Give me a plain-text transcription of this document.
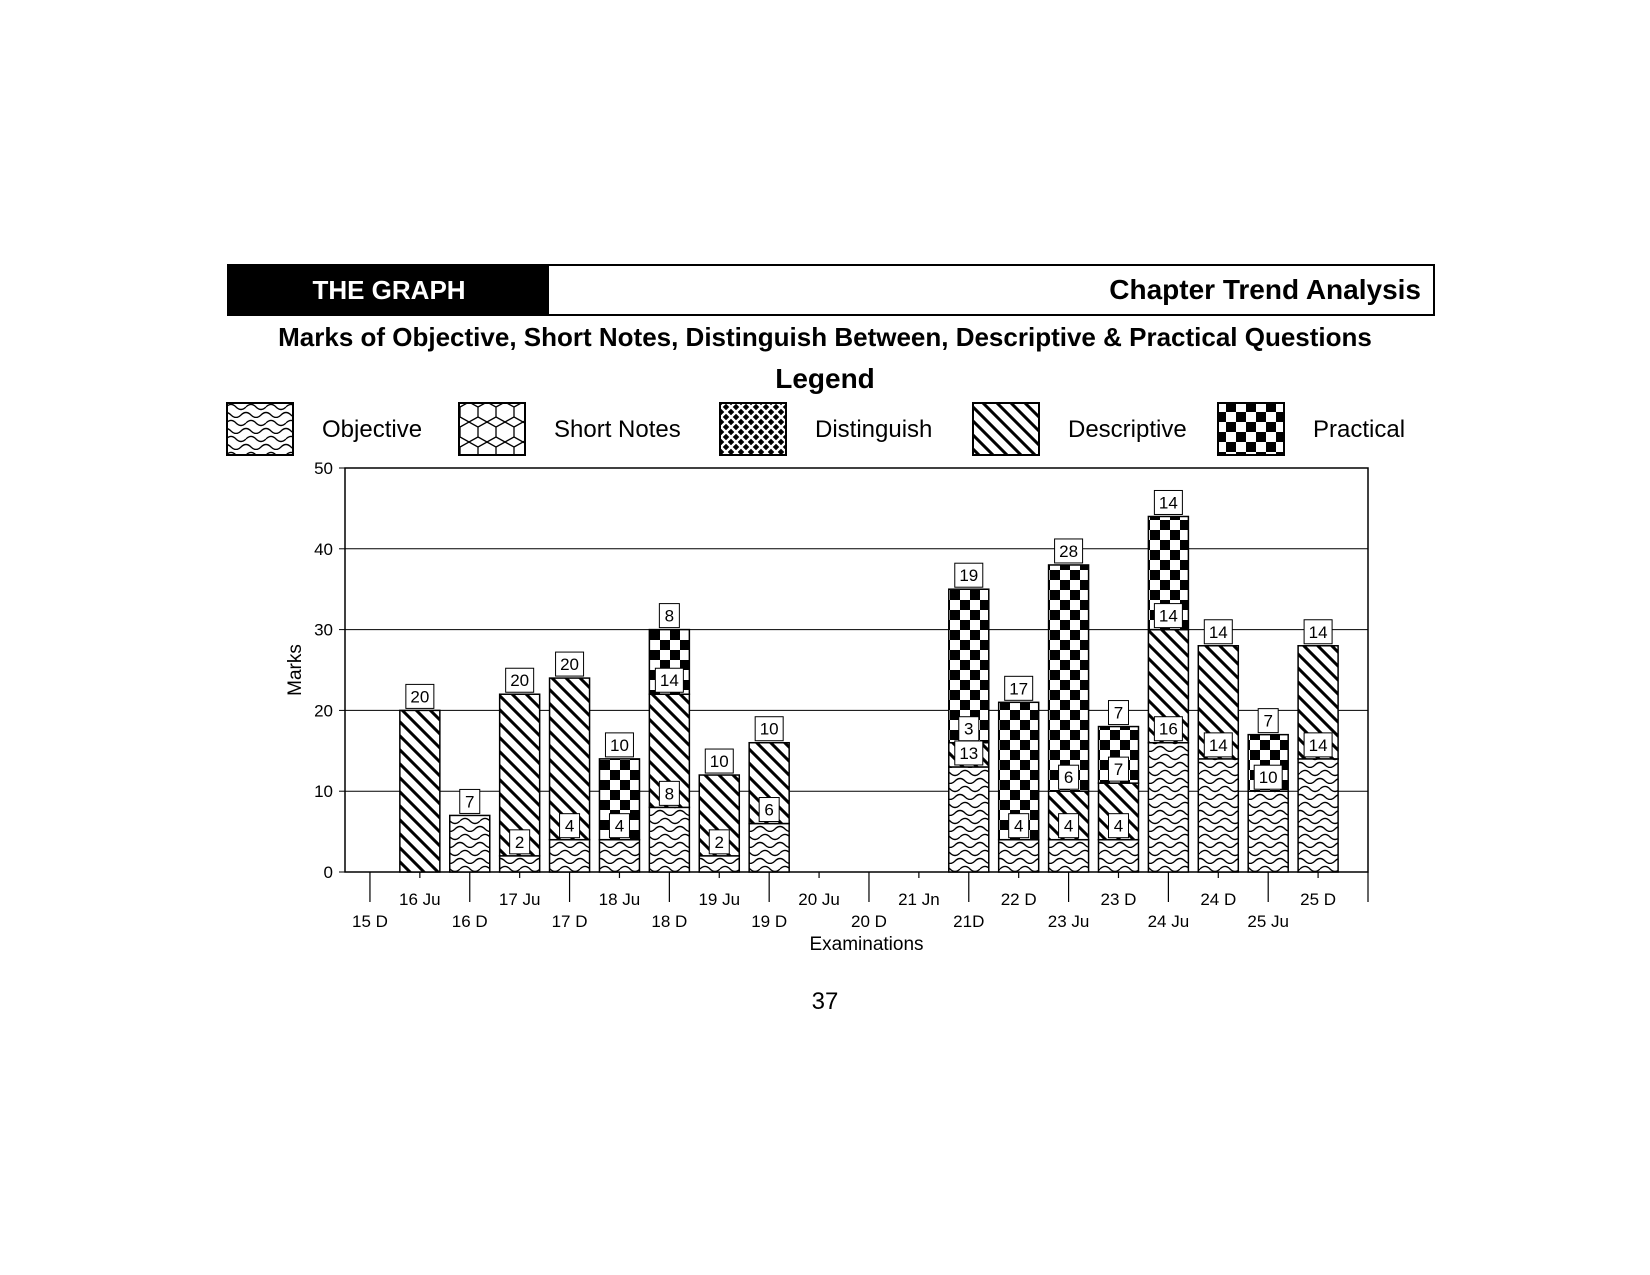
THE GRAPH	Chapter Trend Analysis
Marks of Objective, Short Notes, Distinguish Between, Descriptive & Practical Questions
Legend
Objective	Short Notes	Distinguish	Descriptive	Practical
0
10
20
30
40
50
15 D
16 Ju
16 D
17 Ju
17 D
18 Ju
18 D
19 Ju
19 D
20 Ju
20 D
21 Jn
21D
22 D
23 Ju
23 D
24 Ju
24 D
25 Ju
25 D
Examinations
Marks
20
7
2
20
4
20
4
10
8
14
8
2
10
6
10
13
3
19
4
17
4
6
28
4
7
7
16
14
14
14
14
10
7
14
14
37
